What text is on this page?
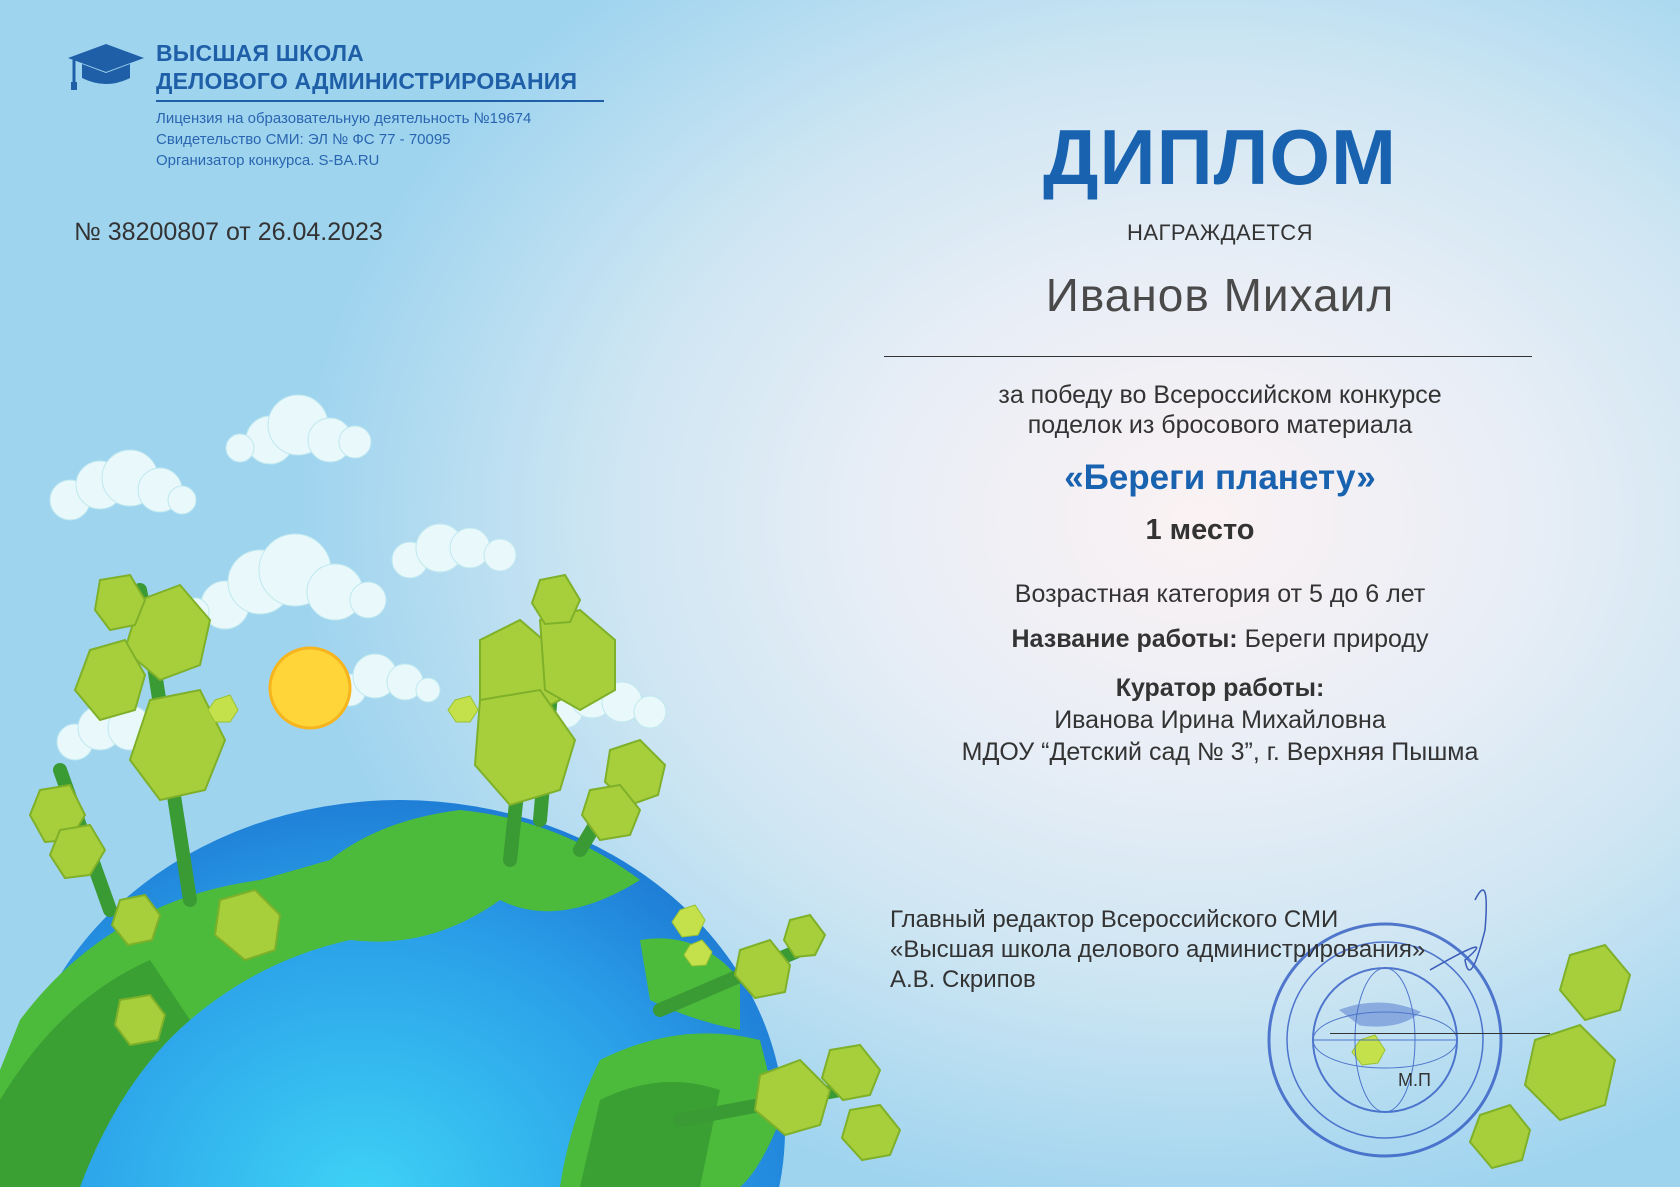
ВЫСШАЯ ШКОЛА
ДЕЛОВОГО АДМИНИСТРИРОВАНИЯ
Лицензия на образовательную деятельность №19674
Свидетельство СМИ: ЭЛ № ФС 77 - 70095
Организатор конкурса. S-BA.RU
№ 38200807 от 26.04.2023
ДИПЛОМ
НАГРАЖДАЕТСЯ
Иванов Михаил
за победу во Всероссийском конкурсе
поделок из бросового материала
«Береги планету»
1 место
Возрастная категория от 5 до 6 лет
Название работы: Береги природу
Куратор работы:
Иванова Ирина Михайловна
МДОУ “Детский сад № 3”, г. Верхняя Пышма
Главный редактор Всероссийского СМИ
«Высшая школа делового администрирования»
А.В. Скрипов
М.П
